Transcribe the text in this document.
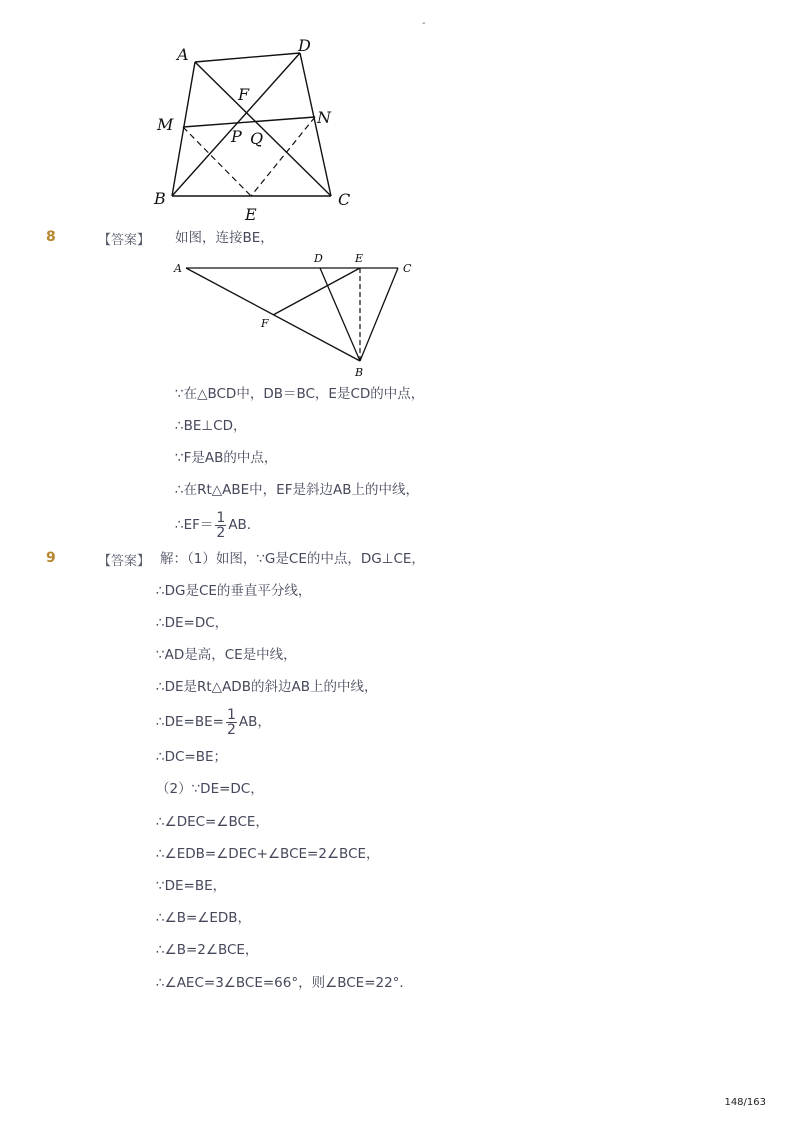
-
A	D
F
M	N
P Q
B	C
E
8	【答案】 如图，连接BE，
A
D	E
C
F
B
∵在△BCD中，DB＝BC，E是CD的中点，
∴BE⊥CD，
∵F是AB的中点，
∴在Rt△ABE中，EF是斜边AB上的中线，
∴EF＝ $\frac{1}{2}$ AB．
9	【答案】 解：（1）如图，∵G是CE的中点，DG⊥CE，
∴DG是CE的垂直平分线，
∴DE=DC，
∵AD是高，CE是中线，
∴DE是Rt△ADB的斜边AB上的中线，
∴DE=BE= $\frac{1}{2}$ AB，
∴DC=BE；
（2）∵DE=DC，
∴∠DEC=∠BCE，
∴∠EDB=∠DEC+∠BCE=2∠BCE，
∵DE=BE，
∴∠B=∠EDB，
∴∠B=2∠BCE，
∴∠AEC=3∠BCE=66°，则∠BCE=22°．
148/163
